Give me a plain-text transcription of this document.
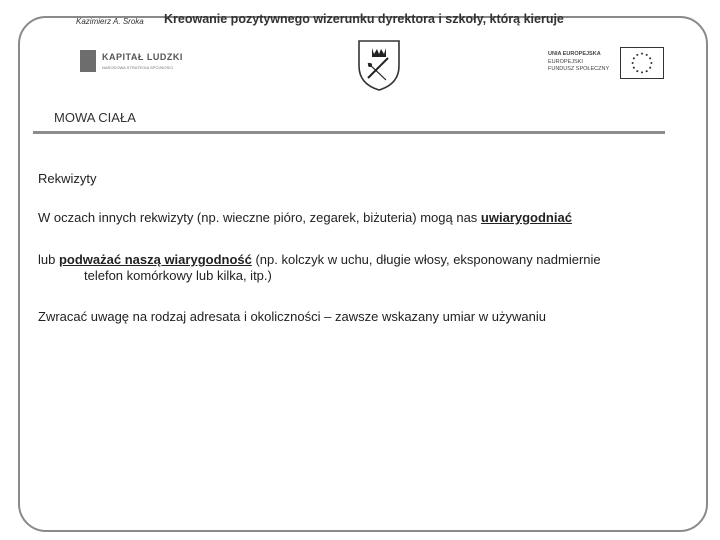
Kazimierz A. Sroka Kreowanie pozytywnego wizerunku dyrektora i szkoły, którą kieruje
KAPITAŁ LUDZKI
NARODOWA STRATEGIA SPÓJNOŚCI
UNIA EUROPEJSKA
EUROPEJSKI
FUNDUSZ SPOŁECZNY
MOWA CIAŁA
Rekwizyty
W oczach innych rekwizyty (np. wieczne pióro, zegarek, biżuteria) mogą nas uwiarygodniać
lub podważać naszą wiarygodność (np. kolczyk w uchu, długie włosy, eksponowany nadmiernie
telefon komórkowy lub kilka, itp.)
Zwracać uwagę na rodzaj adresata i okoliczności – zawsze wskazany umiar w używaniu
